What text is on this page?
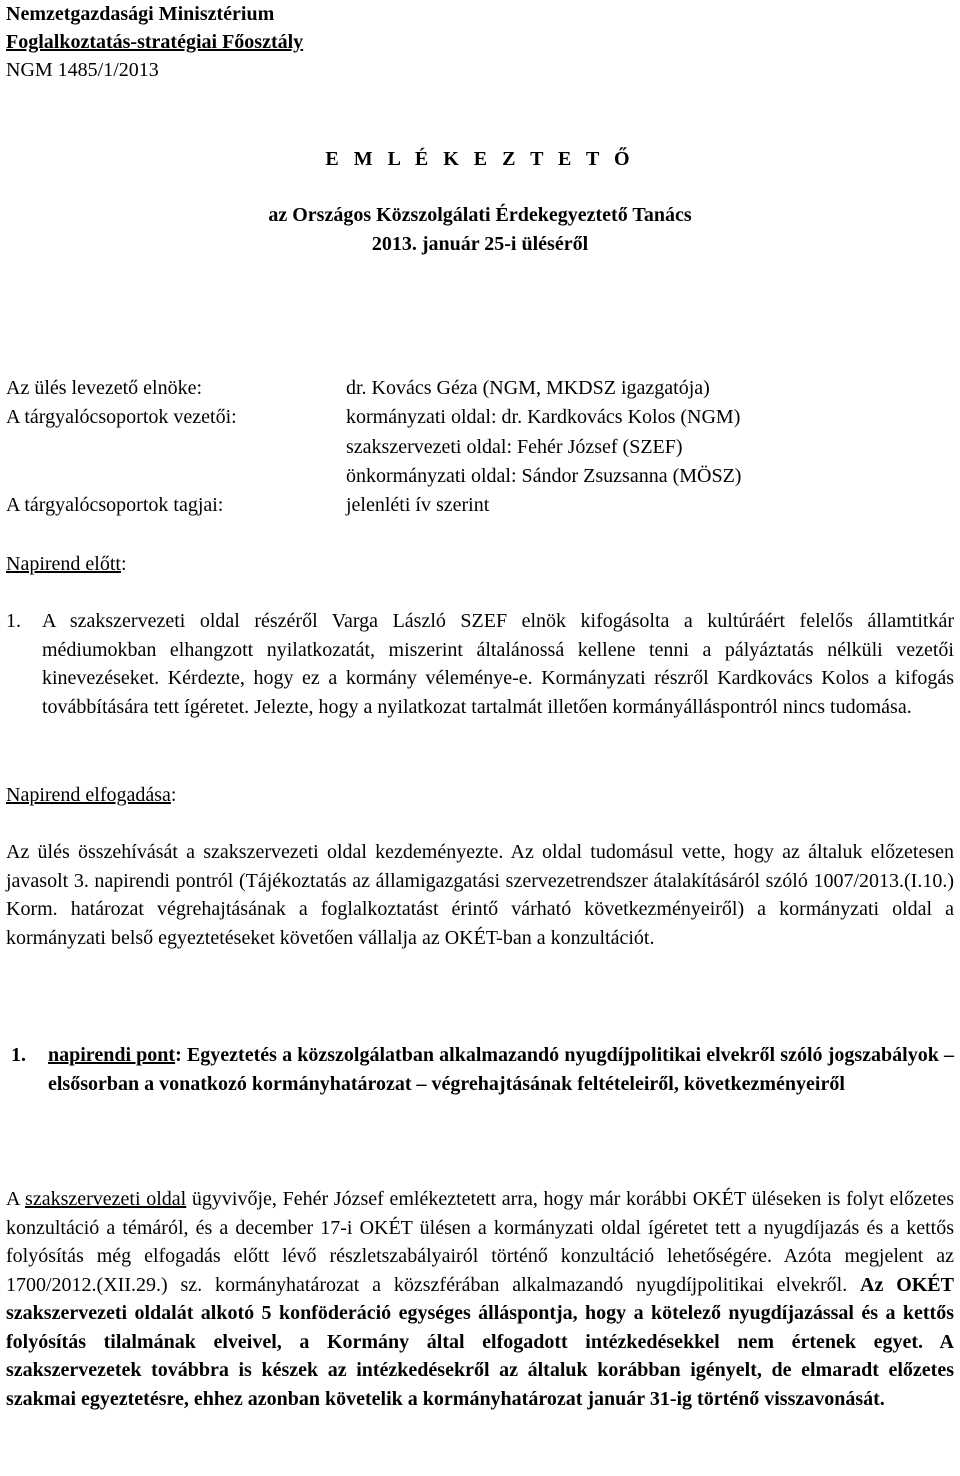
Nemzetgazdasági Minisztérium
Foglalkoztatás-stratégiai Főosztály
NGM 1485/1/2013
E M L É K E Z T E T Ő
az Országos Közszolgálati Érdekegyeztető Tanács
2013. január 25-i üléséről
Az ülés levezető elnöke:	dr. Kovács Géza (NGM, MKDSZ igazgatója)
A tárgyalócsoportok vezetői:	kormányzati oldal: dr. Kardkovács Kolos (NGM)
szakszervezeti oldal: Fehér József (SZEF)
önkormányzati oldal: Sándor Zsuzsanna (MÖSZ)
A tárgyalócsoportok tagjai:	jelenléti ív szerint
Napirend előtt:
1. A szakszervezeti oldal részéről Varga László SZEF elnök kifogásolta a kultúráért felelős államtitkár médiumokban elhangzott nyilatkozatát, miszerint általánossá kellene tenni a pályáztatás nélküli vezetői kinevezéseket. Kérdezte, hogy ez a kormány véleménye-e. Kormányzati részről Kardkovács Kolos a kifogás továbbítására tett ígéretet. Jelezte, hogy a nyilatkozat tartalmát illetően kormányálláspontról nincs tudomása.
Napirend elfogadása:
Az ülés összehívását a szakszervezeti oldal kezdeményezte. Az oldal tudomásul vette, hogy az általuk előzetesen javasolt 3. napirendi pontról (Tájékoztatás az államigazgatási szervezetrendszer átalakításáról szóló 1007/2013.(I.10.) Korm. határozat végrehajtásának a foglalkoztatást érintő várható következményeiről) a kormányzati oldal a kormányzati belső egyeztetéseket követően vállalja az OKÉT-ban a konzultációt.
1. napirendi pont: Egyeztetés a közszolgálatban alkalmazandó nyugdíjpolitikai elvekről szóló jogszabályok – elsősorban a vonatkozó kormányhatározat – végrehajtásának feltételeiről, következményeiről
A szakszervezeti oldal ügyvivője, Fehér József emlékeztetett arra, hogy már korábbi OKÉT üléseken is folyt előzetes konzultáció a témáról, és a december 17-i OKÉT ülésen a kormányzati oldal ígéretet tett a nyugdíjazás és a kettős folyósítás még elfogadás előtt lévő részletszabályairól történő konzultáció lehetőségére. Azóta megjelent az 1700/2012.(XII.29.) sz. kormányhatározat a közszférában alkalmazandó nyugdíjpolitikai elvekről. Az OKÉT szakszervezeti oldalát alkotó 5 konföderáció egységes álláspontja, hogy a kötelező nyugdíjazással és a kettős folyósítás tilalmának elveivel, a Kormány által elfogadott intézkedésekkel nem értenek egyet. A szakszervezetek továbbra is készek az intézkedésekről az általuk korábban igényelt, de elmaradt előzetes szakmai egyeztetésre, ehhez azonban követelik a kormányhatározat január 31-ig történő visszavonását.
